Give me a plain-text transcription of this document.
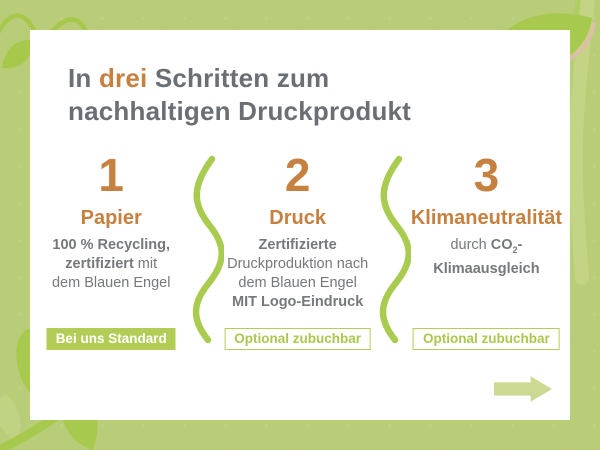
In drei Schritten zum
nachhaltigen Druckprodukt
1
Papier
100 % Recycling,
zertifiziert mit
dem Blauen Engel
Bei uns Standard
2
Druck
Zertifizierte
Druckproduktion nach
dem Blauen Engel
MIT Logo-Eindruck
Optional zubuchbar
3
Klimaneutralität
durch $CO_2-$
Klimaausgleich
Optional zubuchbar
